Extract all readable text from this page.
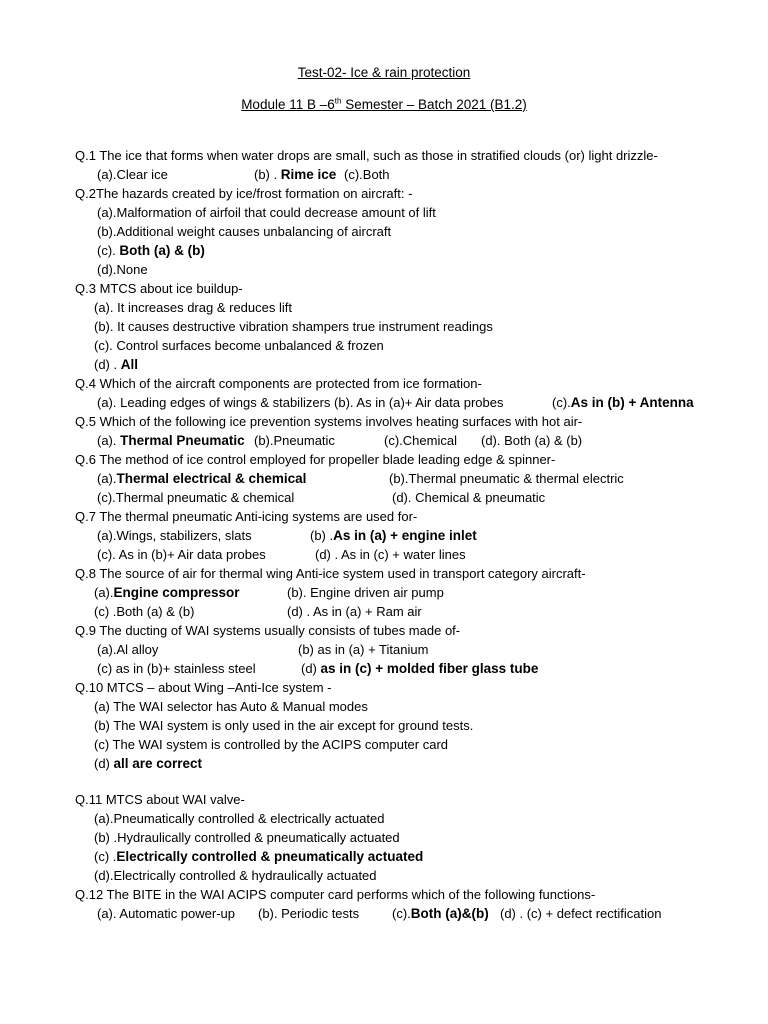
Test-02- Ice & rain protection
Module 11 B –6th Semester – Batch 2021 (B1.2)
Q.1 The ice that forms when water drops are small, such as those in stratified clouds (or) light drizzle-
(a).Clear ice	(b) . Rime ice (c).Both
Q.2The hazards created by ice/frost formation on aircraft: -
(a).Malformation of airfoil that could decrease amount of lift
(b).Additional weight causes unbalancing of aircraft
(c). Both (a) & (b)
(d).None
Q.3 MTCS about ice buildup-
(a). It increases drag & reduces lift
(b). It causes destructive vibration shampers true instrument readings
(c). Control surfaces become unbalanced & frozen
(d) . All
Q.4 Which of the aircraft components are protected from ice formation-
(a). Leading edges of wings & stabilizers (b). As in (a)+ Air data probes	(c).As in (b) + Antenna
Q.5 Which of the following ice prevention systems involves heating surfaces with hot air-
(a). Thermal Pneumatic (b).Pneumatic	(c).Chemical (d). Both (a) & (b)
Q.6 The method of ice control employed for propeller blade leading edge & spinner-
(a).Thermal electrical & chemical	(b).Thermal pneumatic & thermal electric
(c).Thermal pneumatic & chemical	(d). Chemical & pneumatic
Q.7 The thermal pneumatic Anti-icing systems are used for-
(a).Wings, stabilizers, slats	(b) .As in (a) + engine inlet
(c). As in (b)+ Air data probes	(d) . As in (c) + water lines
Q.8 The source of air for thermal wing Anti-ice system used in transport category aircraft-
(a).Engine compressor	(b). Engine driven air pump
(c) .Both (a) & (b)	(d) . As in (a) + Ram air
Q.9 The ducting of WAI systems usually consists of tubes made of-
(a).Al alloy	(b) as in (a) + Titanium
(c) as in (b)+ stainless steel	(d) as in (c) + molded fiber glass tube
Q.10 MTCS – about Wing –Anti-Ice system -
(a) The WAI selector has Auto & Manual modes
(b) The WAI system is only used in the air except for ground tests.
(c) The WAI system is controlled by the ACIPS computer card
(d) all are correct
Q.11 MTCS about WAI valve-
(a).Pneumatically controlled & electrically actuated
(b) .Hydraulically controlled & pneumatically actuated
(c) .Electrically controlled & pneumatically actuated
(d).Electrically controlled & hydraulically actuated
Q.12 The BITE in the WAI ACIPS computer card performs which of the following functions-
(a). Automatic power-up (b). Periodic tests	(c).Both (a)&(b) (d) . (c) + defect rectification
